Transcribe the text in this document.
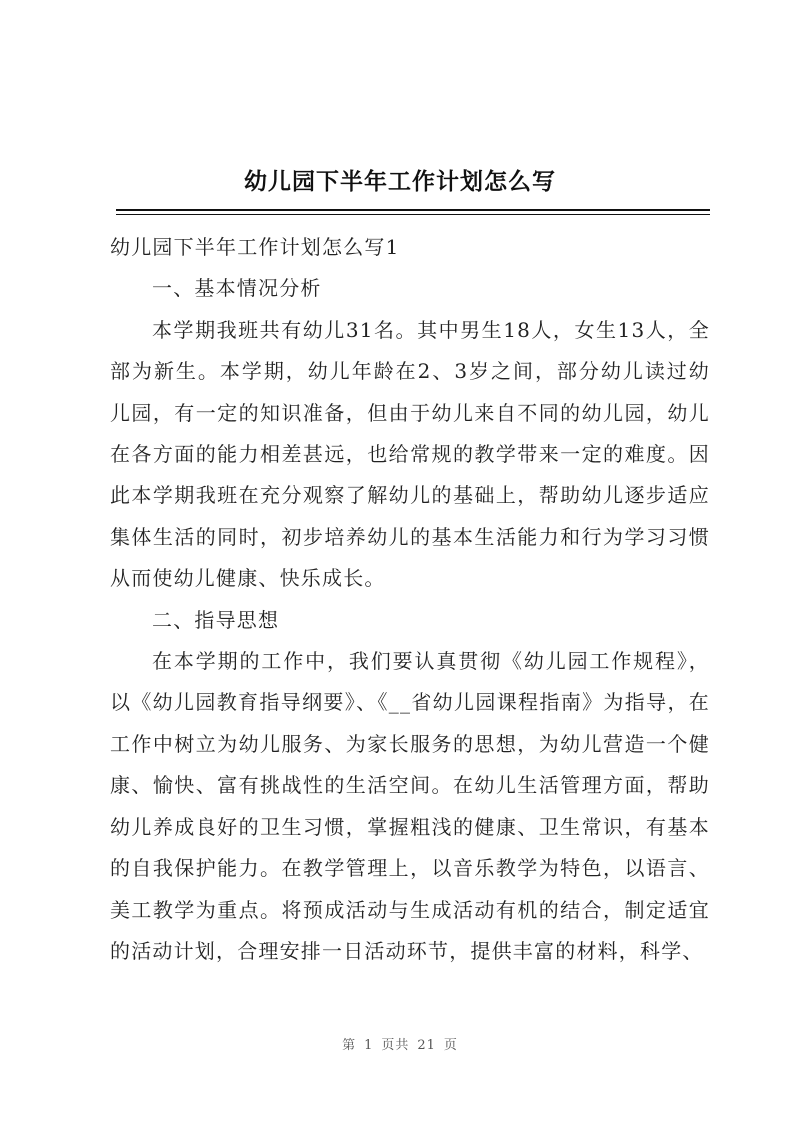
幼儿园下半年工作计划怎么写

幼儿园下半年工作计划怎么写1

一、基本情况分析

本学期我班共有幼儿31名。其中男生18人，女生13人，全部为新生。本学期，幼儿年龄在2、3岁之间，部分幼儿读过幼儿园，有一定的知识准备，但由于幼儿来自不同的幼儿园，幼儿在各方面的能力相差甚远，也给常规的教学带来一定的难度。因此本学期我班在充分观察了解幼儿的基础上，帮助幼儿逐步适应集体生活的同时，初步培养幼儿的基本生活能力和行为学习习惯从而使幼儿健康、快乐成长。

二、指导思想

在本学期的工作中，我们要认真贯彻《幼儿园工作规程》，以《幼儿园教育指导纲要》、《__省幼儿园课程指南》为指导，在工作中树立为幼儿服务、为家长服务的思想，为幼儿营造一个健康、愉快、富有挑战性的生活空间。在幼儿生活管理方面，帮助幼儿养成良好的卫生习惯，掌握粗浅的健康、卫生常识，有基本的自我保护能力。在教学管理上，以音乐教学为特色，以语言、美工教学为重点。将预成活动与生成活动有机的结合，制定适宜的活动计划，合理安排一日活动环节，提供丰富的材料，科学、

第 1 页共 21 页
